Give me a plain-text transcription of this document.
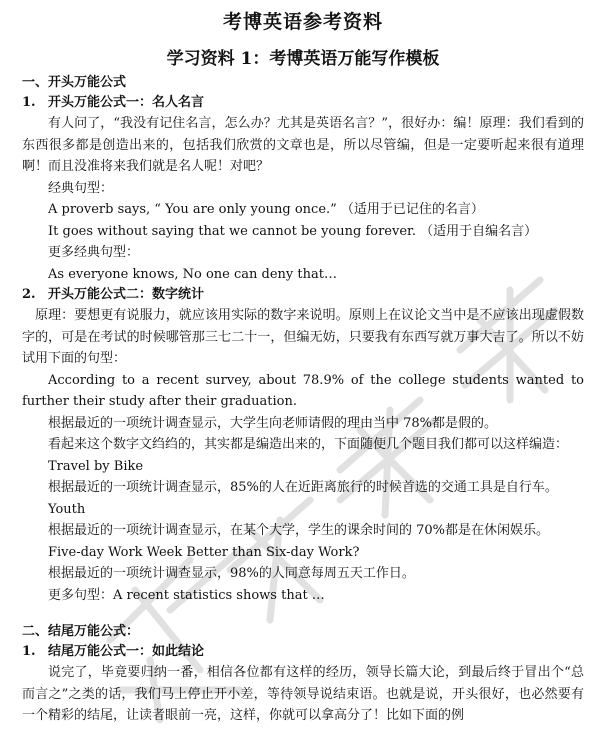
考博英语参考资料
学习资料 1：考博英语万能写作模板
一、开头万能公式
1. 开头万能公式一：名人名言

有人问了，“我没有记住名言，怎么办？尤其是英语名言？”，很好办：编！原理：我们看到的东西很多都是创造出来的，包括我们欣赏的文章也是，所以尽管编，但是一定要听起来很有道理啊！而且没准将来我们就是名人呢！对吧？

经典句型：

A proverb says, “ You are only young once.” （适用于已记住的名言）

It goes without saying that we cannot be young forever. （适用于自编名言）

更多经典句型：

As everyone knows, No one can deny that…

2. 开头万能公式二：数字统计

原理：要想更有说服力，就应该用实际的数字来说明。原则上在议论文当中是不应该出现虚假数字的，可是在考试的时候哪管那三七二十一，但编无妨，只要我有东西写就万事大吉了。所以不妨试用下面的句型：

According to a recent survey, about 78.9% of the college students wanted to further their study after their graduation.

根据最近的一项统计调查显示，大学生向老师请假的理由当中 78%都是假的。

看起来这个数字文绉绉的，其实都是编造出来的，下面随便几个题目我们都可以这样编造：

Travel by Bike

根据最近的一项统计调查显示，85%的人在近距离旅行的时候首选的交通工具是自行车。

Youth

根据最近的一项统计调查显示，在某个大学，学生的课余时间的 70%都是在休闲娱乐。

Five-day Work Week Better than Six-day Work?

根据最近的一项统计调查显示，98%的人同意每周五天工作日。

更多句型：A recent statistics shows that …

二、结尾万能公式：
1. 结尾万能公式一：如此结论

说完了，毕竟要归纳一番，相信各位都有这样的经历，领导长篇大论，到最后终于冒出个“总而言之”之类的话，我们马上停止开小差，等待领导说结束语。也就是说，开头很好，也必然要有一个精彩的结尾，让读者眼前一亮，这样，你就可以拿高分了！比如下面的例
